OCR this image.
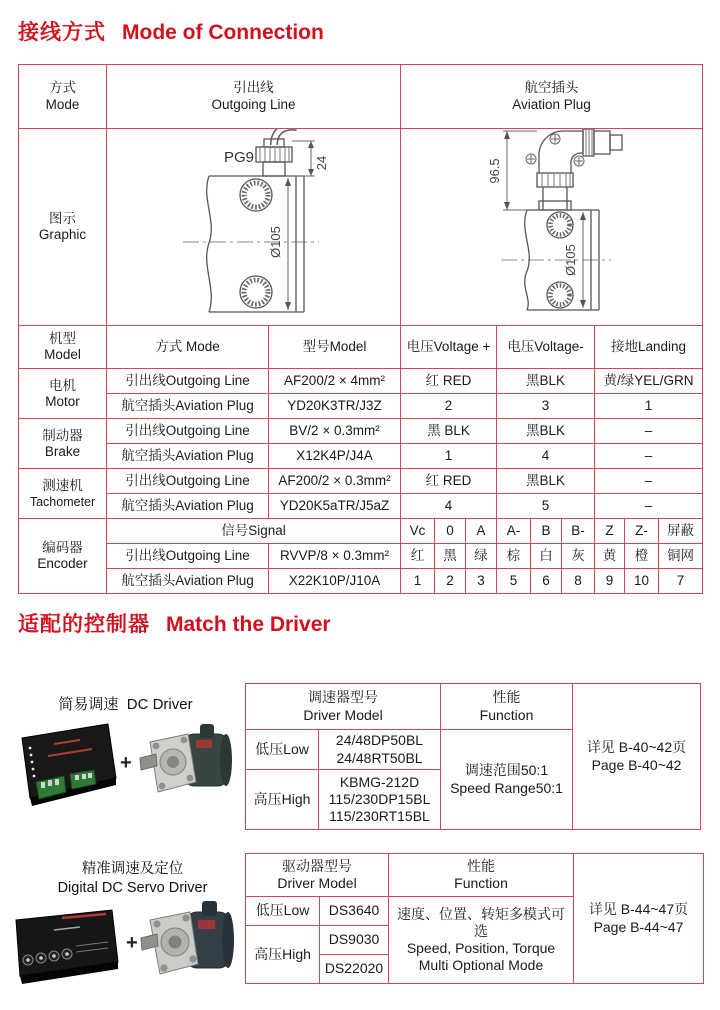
接线方式 Mode of Connection
方式
Mode	引出线
Outgoing Line		航空插头
Aviation Plug								
图示
Graphic	24
Ø105
PG9		96.5
Ø105								

机型
Model	方式 Mode	型号Model	电压Voltage +			电压Voltage-			接地Landing		
电机
Motor	引出线Outgoing Line	AF200/2 × 4mm²	红 RED			黑BLK			黄/绿YEL/GRN		
	航空插头Aviation Plug	YD20K3TR/J3Z	2			3			1		
制动器
Brake	引出线Outgoing Line	BV/2 × 0.3mm²	黑 BLK			黑BLK			–		
	航空插头Aviation Plug	X12K4P/J4A	1			4			–		
测速机
Tachometer	引出线Outgoing Line	AF200/2 × 0.3mm²	红 RED			黑BLK			–		
	航空插头Aviation Plug	YD20K5aTR/J5aZ	4			5			–		
编码器
Encoder	信号Signal		Vc	0	A	A-	B	B-	Z	Z-	屏蔽
	引出线Outgoing Line	RVVP/8 × 0.3mm²	红	黑	绿	棕	白	灰	黄	橙	铜网
	航空插头Aviation Plug	X22K10P/J10A	1	2	3	5	6	8	9	10	7
适配的控制器 Match the Driver
简易调速 DC Driver
+
调速器型号
Driver Model		性能
Function	详见 B-40~42页
Page B-40~42
低压Low	24/48DP50BL
24/48RT50BL	调速范围50:1
Speed Range50:1	
高压High	KBMG-212D
115/230DP15BL
115/230RT15BL		
精准调速及定位
Digital DC Servo Driver
+
驱动器型号
Driver Model		性能
Function	详见 B-44~47页
Page B-44~47
低压Low	DS3640	速度、位置、转矩多模式可选
Speed, Position, Torque
Multi Optional Mode	
高压High	DS9030		
	DS22020		
